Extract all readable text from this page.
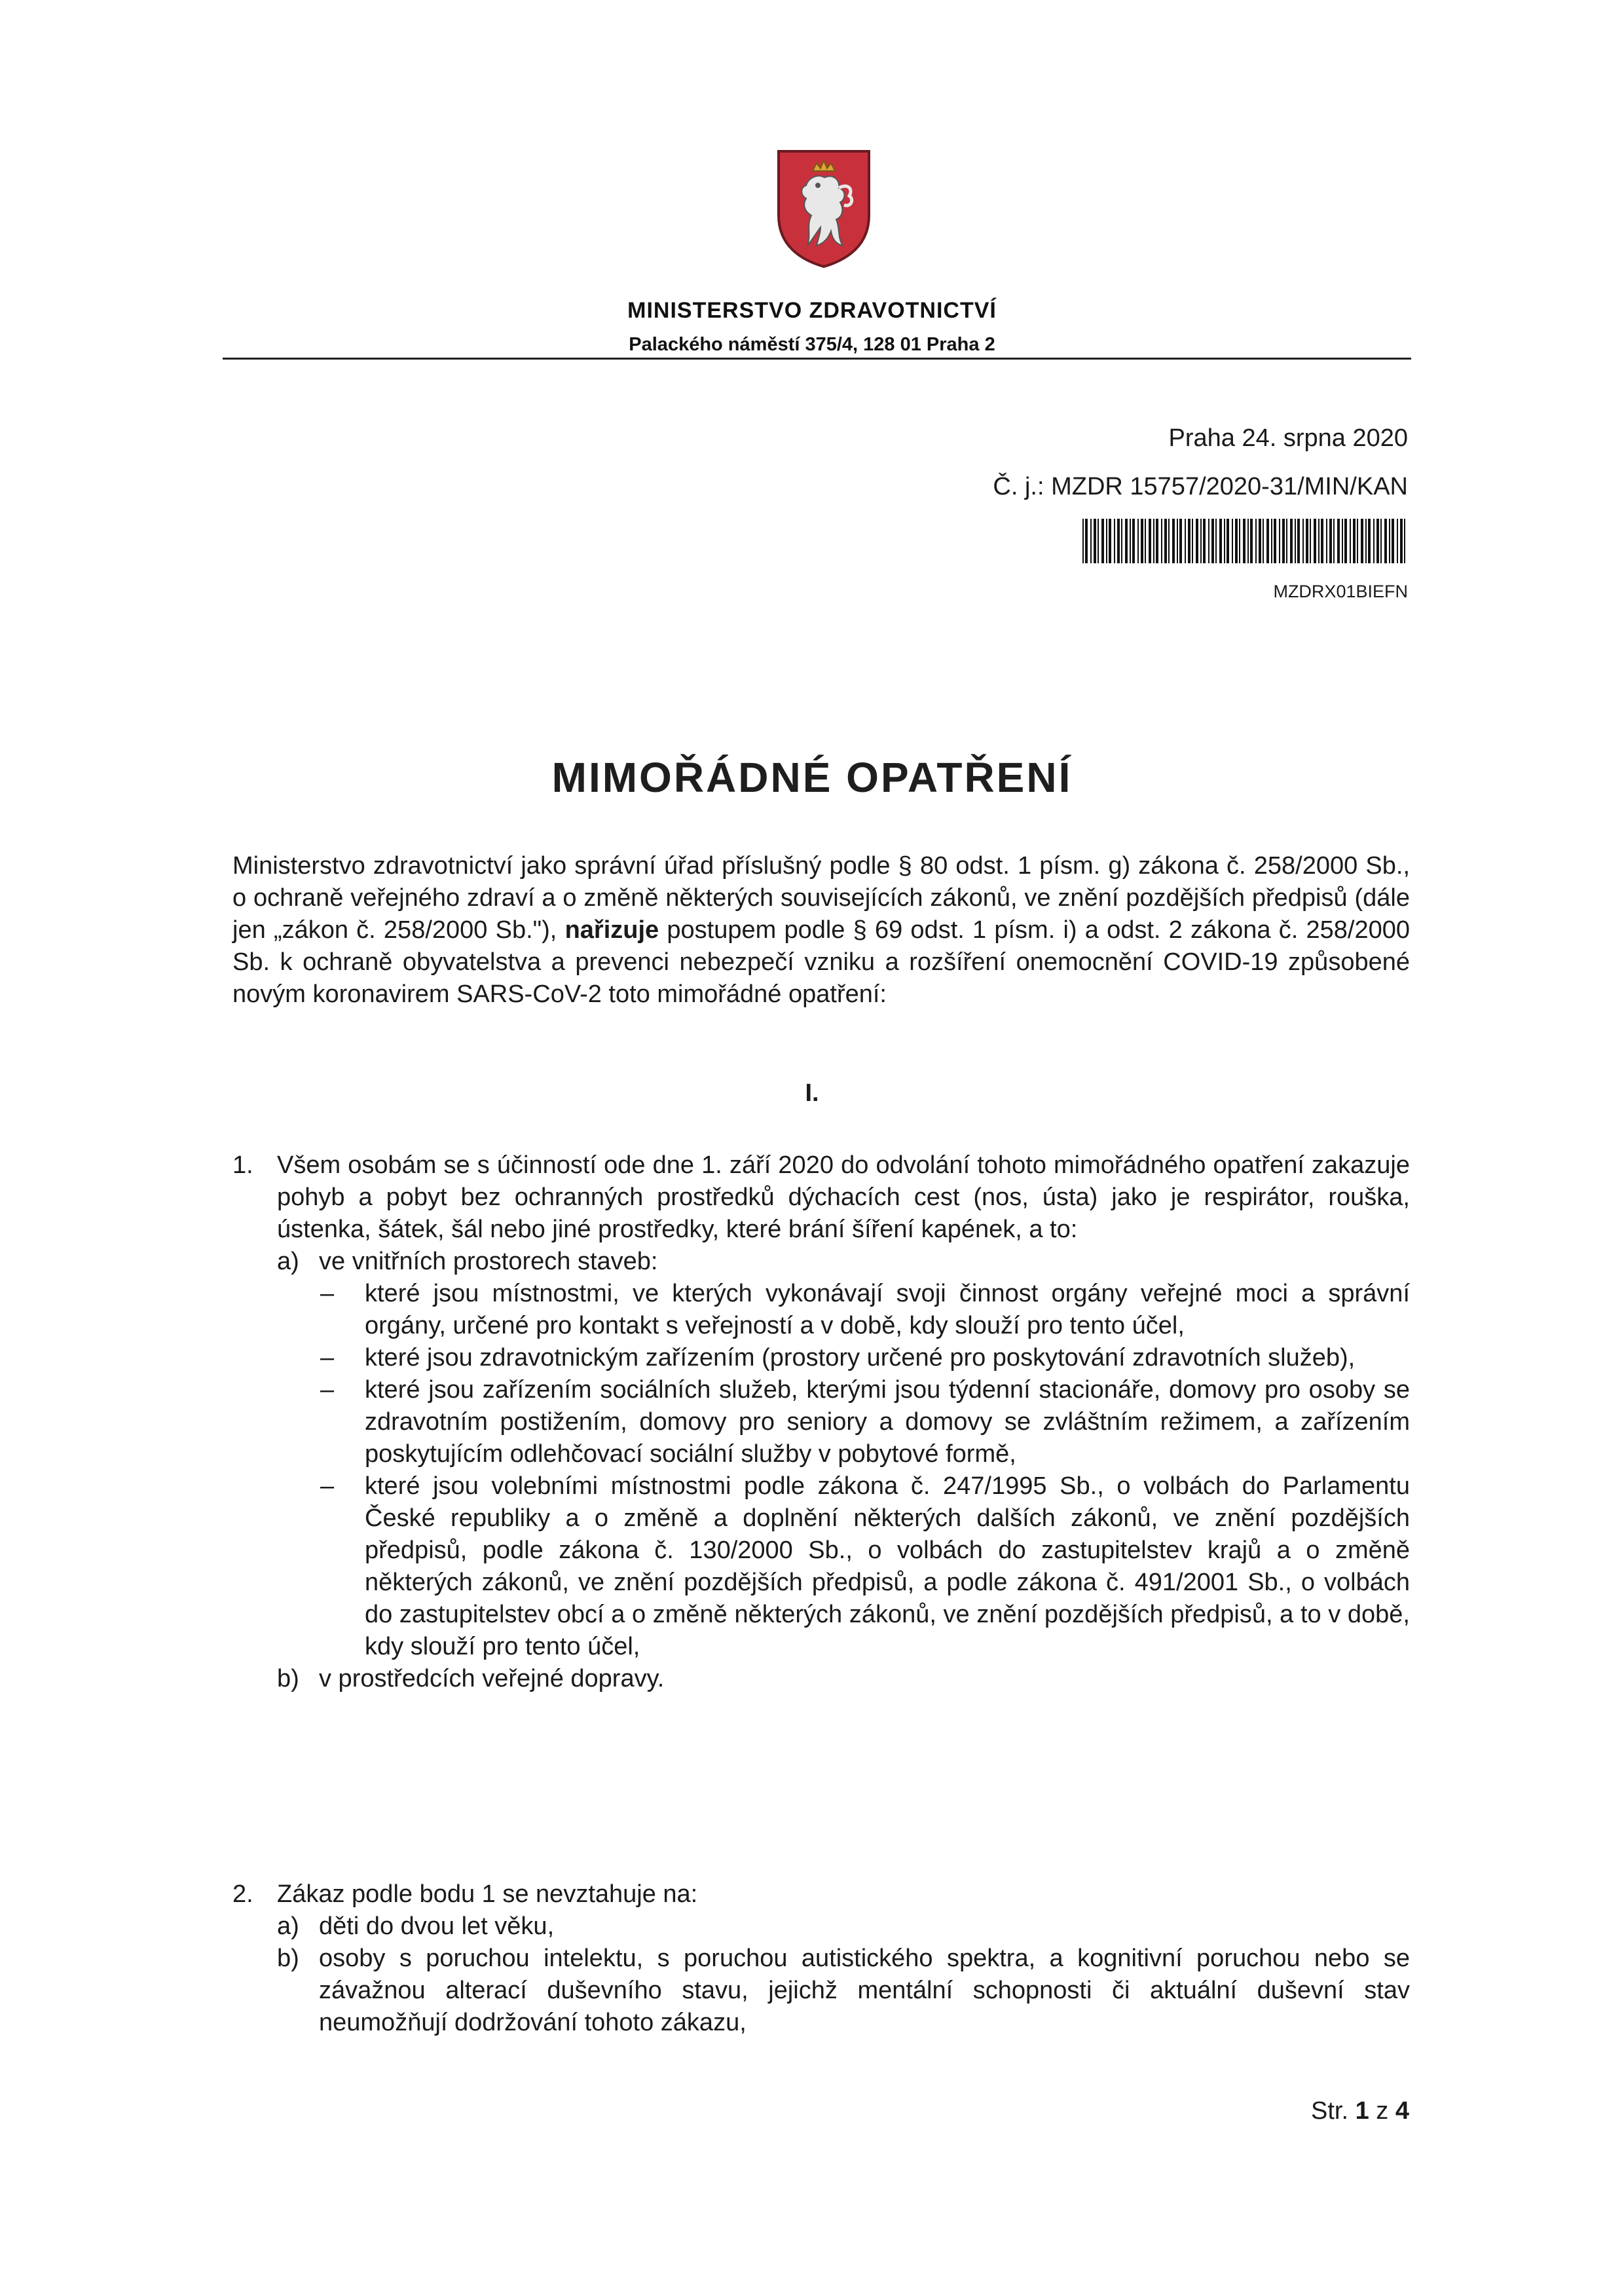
MINISTERSTVO ZDRAVOTNICTVÍ
Palackého náměstí 375/4, 128 01 Praha 2
Praha 24. srpna 2020
Č. j.: MZDR 15757/2020-31/MIN/KAN
MZDRX01BIEFN
MIMOŘÁDNÉ OPATŘENÍ
Ministerstvo zdravotnictví jako správní úřad příslušný podle § 80 odst. 1 písm. g) zákona č. 258/2000 Sb., o ochraně veřejného zdraví a o změně některých souvisejících zákonů, ve znění pozdějších předpisů (dále jen „zákon č. 258/2000 Sb."), nařizuje postupem podle § 69 odst. 1 písm. i) a odst. 2 zákona č. 258/2000 Sb. k ochraně obyvatelstva a prevenci nebezpečí vzniku a rozšíření onemocnění COVID-19 způsobené novým koronavirem SARS-CoV-2 toto mimořádné opatření:
I.
1. Všem osobám se s účinností ode dne 1. září 2020 do odvolání tohoto mimořádného opatření zakazuje pohyb a pobyt bez ochranných prostředků dýchacích cest (nos, ústa) jako je respirátor, rouška, ústenka, šátek, šál nebo jiné prostředky, které brání šíření kapének, a to:
a) ve vnitřních prostorech staveb:
– které jsou místnostmi, ve kterých vykonávají svoji činnost orgány veřejné moci a správní orgány, určené pro kontakt s veřejností a v době, kdy slouží pro tento účel,
– které jsou zdravotnickým zařízením (prostory určené pro poskytování zdravotních služeb),
– které jsou zařízením sociálních služeb, kterými jsou týdenní stacionáře, domovy pro osoby se zdravotním postižením, domovy pro seniory a domovy se zvláštním režimem, a zařízením poskytujícím odlehčovací sociální služby v pobytové formě,
– které jsou volebními místnostmi podle zákona č. 247/1995 Sb., o volbách do Parlamentu České republiky a o změně a doplnění některých dalších zákonů, ve znění pozdějších předpisů, podle zákona č. 130/2000 Sb., o volbách do zastupitelstev krajů a o změně některých zákonů, ve znění pozdějších předpisů, a podle zákona č. 491/2001 Sb., o volbách do zastupitelstev obcí a o změně některých zákonů, ve znění pozdějších předpisů, a to v době, kdy slouží pro tento účel,
b) v prostředcích veřejné dopravy.
2. Zákaz podle bodu 1 se nevztahuje na:
a) děti do dvou let věku,
b) osoby s poruchou intelektu, s poruchou autistického spektra, a kognitivní poruchou nebo se závažnou alterací duševního stavu, jejichž mentální schopnosti či aktuální duševní stav neumožňují dodržování tohoto zákazu,
Str. 1 z 4
